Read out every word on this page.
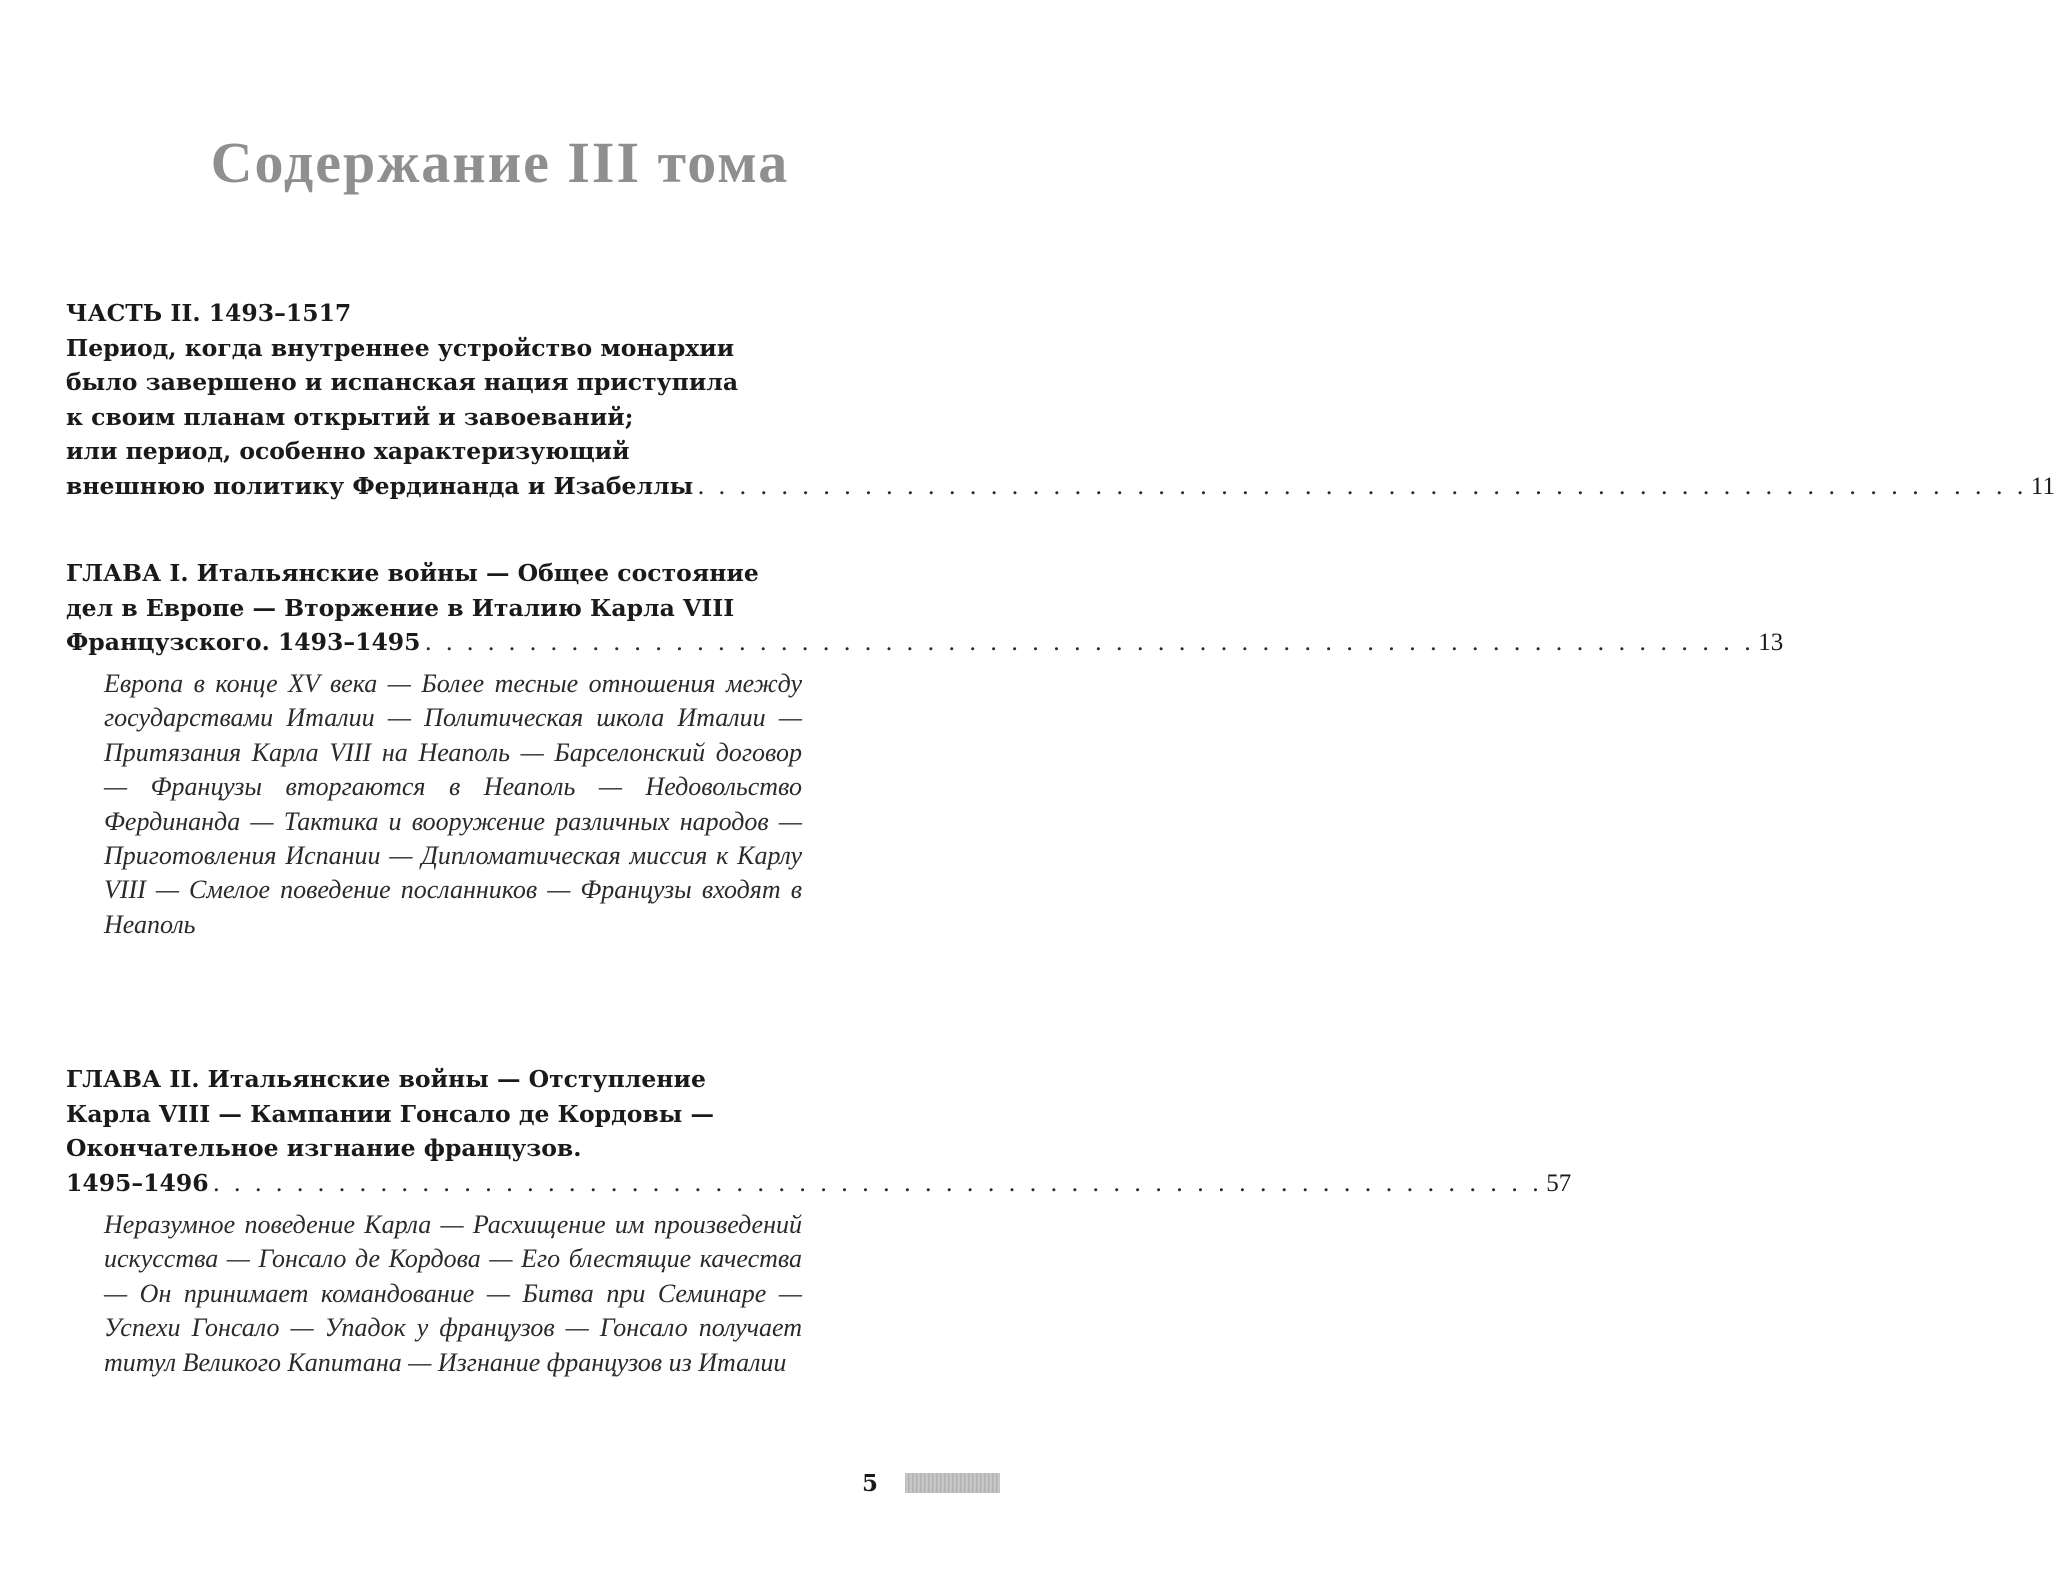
Содержание III тома
ЧАСТЬ II. 1493–1517
Период, когда внутреннее устройство монархии
было завершено и испанская нация приступила
к своим планам открытий и завоеваний;
или период, особенно характеризующий
внешнюю политику Фердинанда и Изабеллы . . . . . . . . . . . . . . . . . . . . . . . . . . . . . . . . . . . . . . . . . . . . . . . . . . . . . . . . . . . . . . . . 11
ГЛАВА I. Итальянские войны — Общее состояние
дел в Европе — Вторжение в Италию Карла VIII
Французского. 1493–1495 . . . . . . . . . . . . . . . . . . . . . . . . . . . . . . . . . . . . . . . . . . . . . . . . . . . . . . . . . . . . . . . . 13
Европа в конце XV века — Более тесные отношения между государствами Италии — Политическая школа Италии — Притязания Карла VIII на Неаполь — Барселонский договор — Французы вторгаются в Неаполь — Недовольство Фердинанда — Тактика и вооружение различных народов — Приготовления Испании — Дипломатическая миссия к Карлу VIII — Смелое поведение посланников — Французы входят в Неаполь
ГЛАВА II. Итальянские войны — Отступление
Карла VIII — Кампании Гонсало де Кордовы —
Окончательное изгнание французов.
1495–1496 . . . . . . . . . . . . . . . . . . . . . . . . . . . . . . . . . . . . . . . . . . . . . . . . . . . . . . . . . . . . . . . . 57
Неразумное поведение Карла — Расхищение им произведений искусства — Гонсало де Кордова — Его блестящие качества — Он принимает командование — Битва при Семинаре — Успехи Гонсало — Упадок у французов — Гонсало получает титул Великого Капитана — Изгнание французов из Италии
5
